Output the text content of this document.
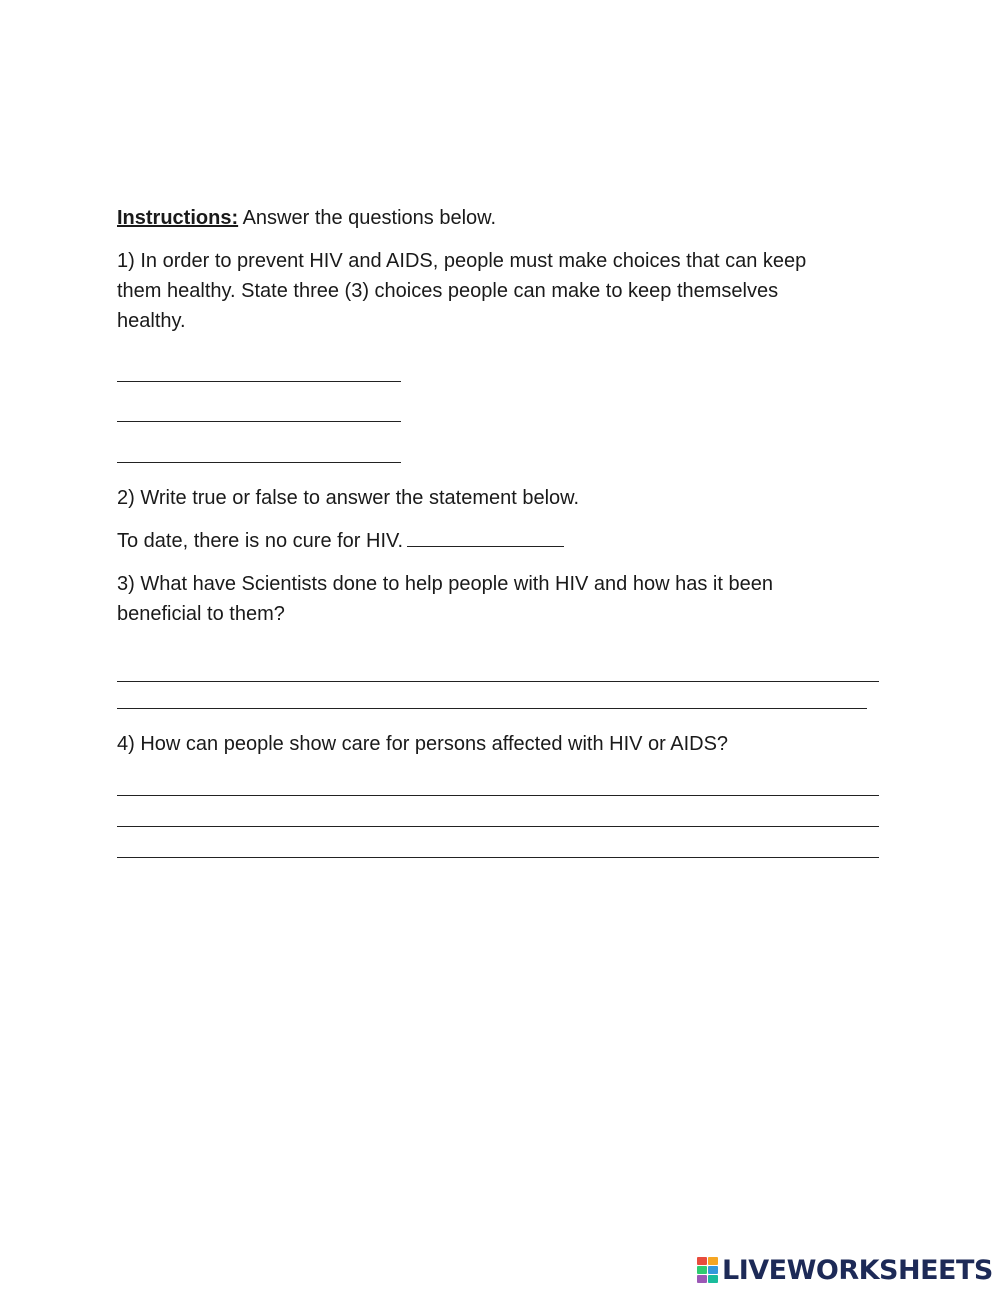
Instructions: Answer the questions below.

1) In order to prevent HIV and AIDS, people must make choices that can keep
them healthy. State three (3) choices people can make to keep themselves
healthy.
2) Write true or false to answer the statement below.
To date, there is no cure for HIV.
3) What have Scientists done to help people with HIV and how has it been
beneficial to them?
4) How can people show care for persons affected with HIV or AIDS?
LIVEWORKSHEETS
